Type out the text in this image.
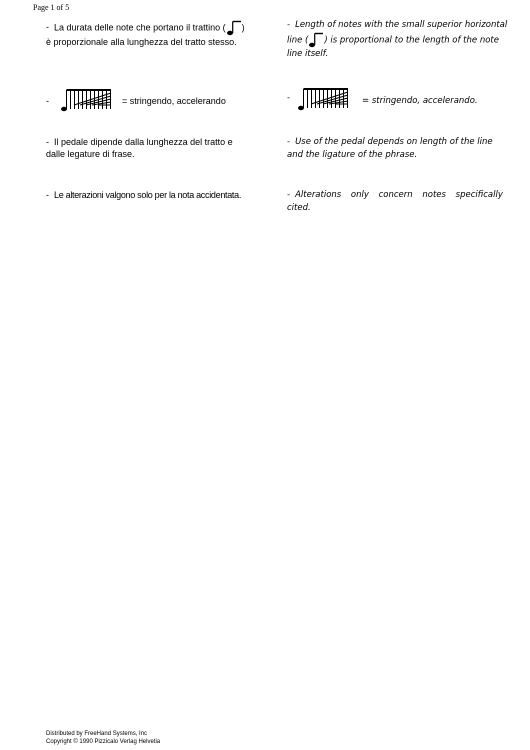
Page 1 of 5
- La durata delle note che portano il trattino ( )
è proporzionale alla lunghezza del tratto stesso.
-	= stringendo, accelerando
- Il pedale dipende dalla lunghezza del tratto e
dalle legature di frase.
- Le alterazioni valgono solo per la nota accidentata.
- Length of notes with the small superior horizontal
line ( ) is proportional to the length of the note
line itself.
-	= stringendo, accelerando.
- Use of the pedal depends on length of the line
and the ligature of the phrase.
- Alterations only concern notes specifically
cited.
Distributed by FreeHand Systems, Inc
Copyright © 1990 Pizzicalo Verlag Helvetia
